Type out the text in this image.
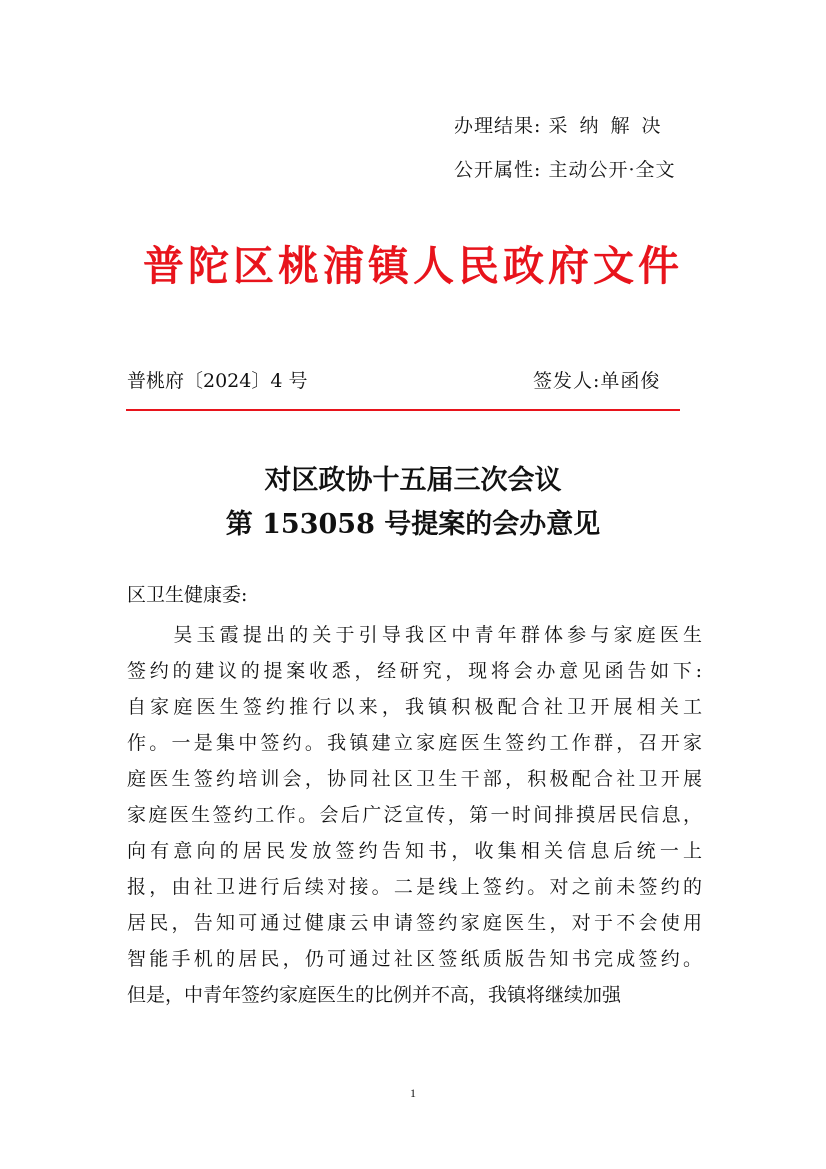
办理结果: 采纳解决
公开属性: 主动公开·全文
普陀区桃浦镇人民政府文件
普桃府〔2024〕4 号	签发人:单函俊
对区政协十五届三次会议
第 153058 号提案的会办意见
区卫生健康委:
　　吴玉霞提出的关于引导我区中青年群体参与家庭医生
签约的建议的提案收悉，经研究，现将会办意见函告如下:
自家庭医生签约推行以来，我镇积极配合社卫开展相关工
作。一是集中签约。我镇建立家庭医生签约工作群，召开家
庭医生签约培训会，协同社区卫生干部，积极配合社卫开展
家庭医生签约工作。会后广泛宣传，第一时间排摸居民信息，
向有意向的居民发放签约告知书，收集相关信息后统一上
报，由社卫进行后续对接。二是线上签约。对之前未签约的
居民，告知可通过健康云申请签约家庭医生，对于不会使用
智能手机的居民，仍可通过社区签纸质版告知书完成签约。
但是，中青年签约家庭医生的比例并不高，我镇将继续加强
1
